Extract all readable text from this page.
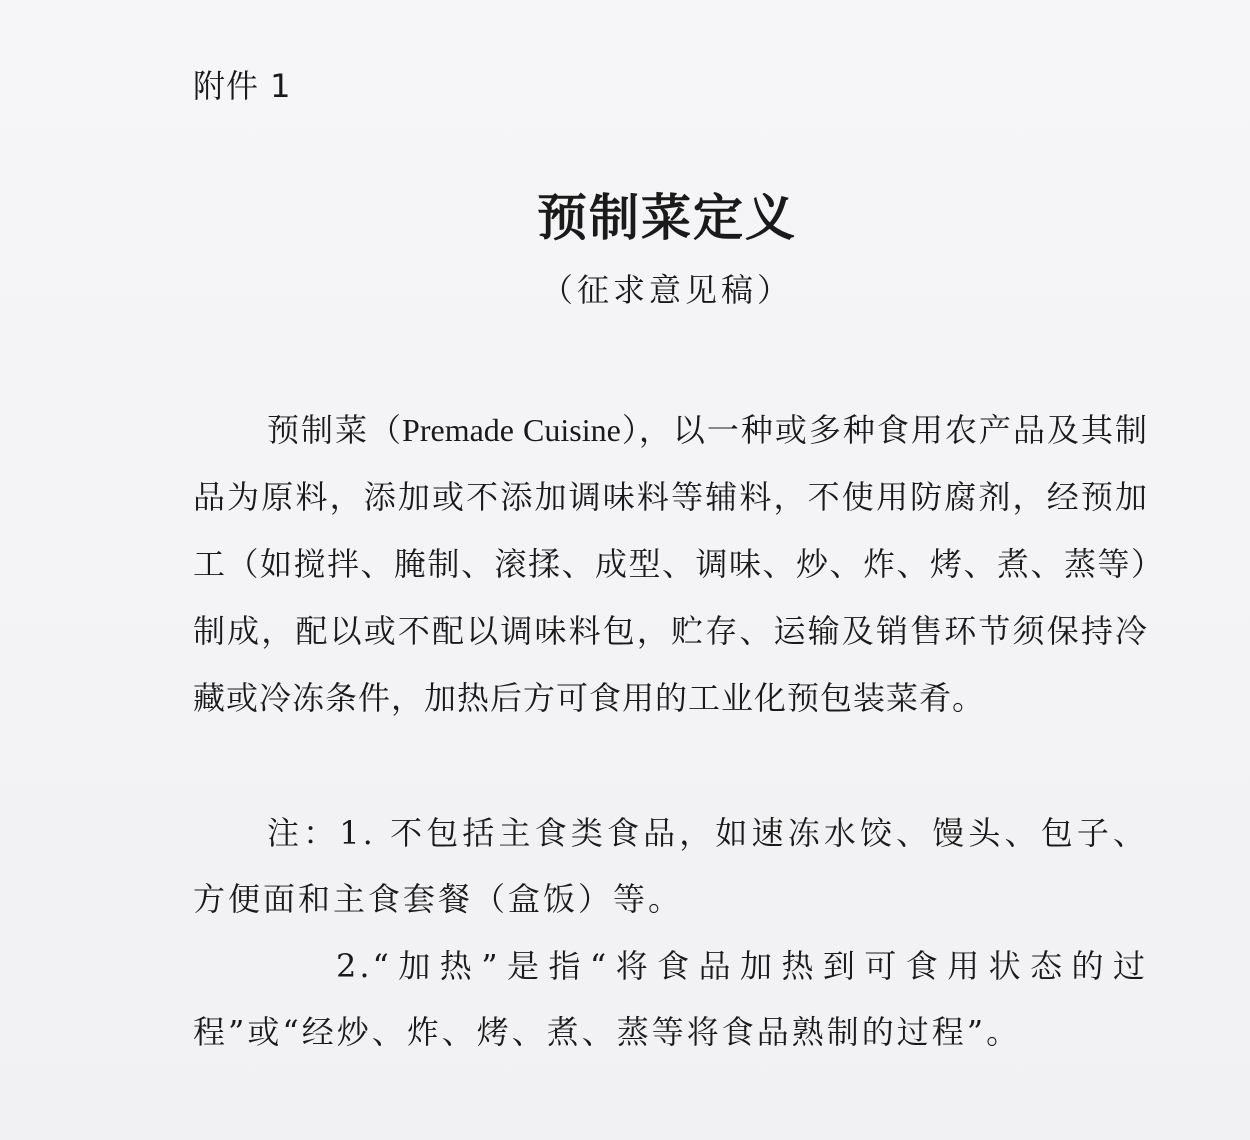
附件 1
预制菜定义
（征求意见稿）
预制菜（Premade Cuisine），以一种或多种食用农产品及其制品为原料，添加或不添加调味料等辅料，不使用防腐剂，经预加工（如搅拌、腌制、滚揉、成型、调味、炒、炸、烤、煮、蒸等）制成，配以或不配以调味料包，贮存、运输及销售环节须保持冷藏或冷冻条件，加热后方可食用的工业化预包装菜肴。
注：1. 不包括主食类食品，如速冻水饺、馒头、包子、方便面和主食套餐（盒饭）等。
2.“加热”是指“将食品加热到可食用状态的过程”或“经炒、炸、烤、煮、蒸等将食品熟制的过程”。
